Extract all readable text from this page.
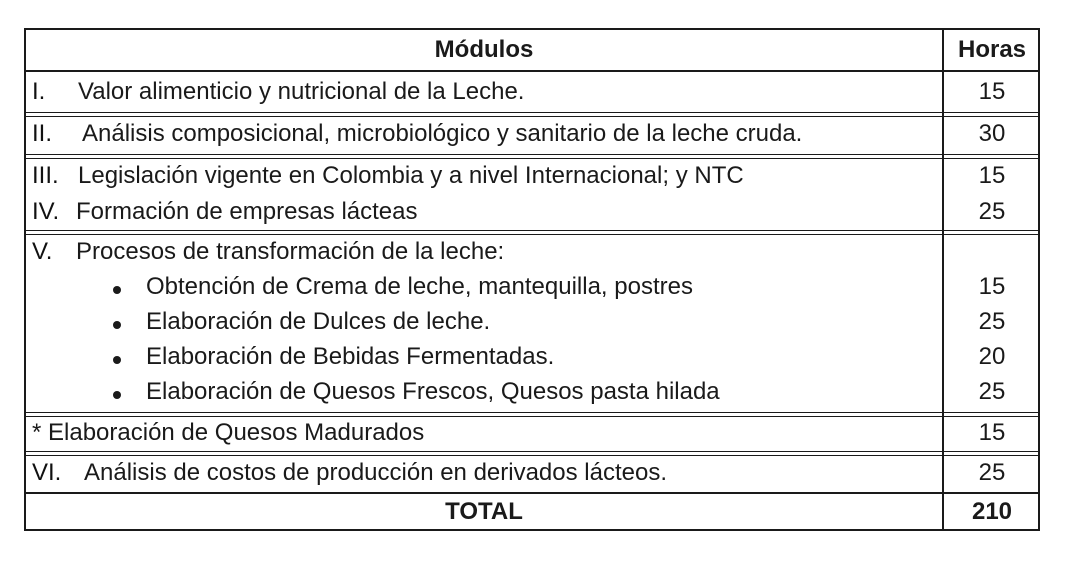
Módulos	Horas
I. Valor alimenticio y nutricional de la Leche.	15
II. Análisis composicional, microbiológico y sanitario de la leche cruda.	30
III. Legislación vigente en Colombia y a nivel Internacional; y NTC	15
IV. Formación de empresas lácteas	25
V. Procesos de transformación de la leche:
Obtención de Crema de leche, mantequilla, postres	15
Elaboración de Dulces de leche.	25
Elaboración de Bebidas Fermentadas.	20
Elaboración de Quesos Frescos, Quesos pasta hilada	25
* Elaboración de Quesos Madurados	15
VI. Análisis de costos de producción en derivados lácteos.	25
TOTAL	210
